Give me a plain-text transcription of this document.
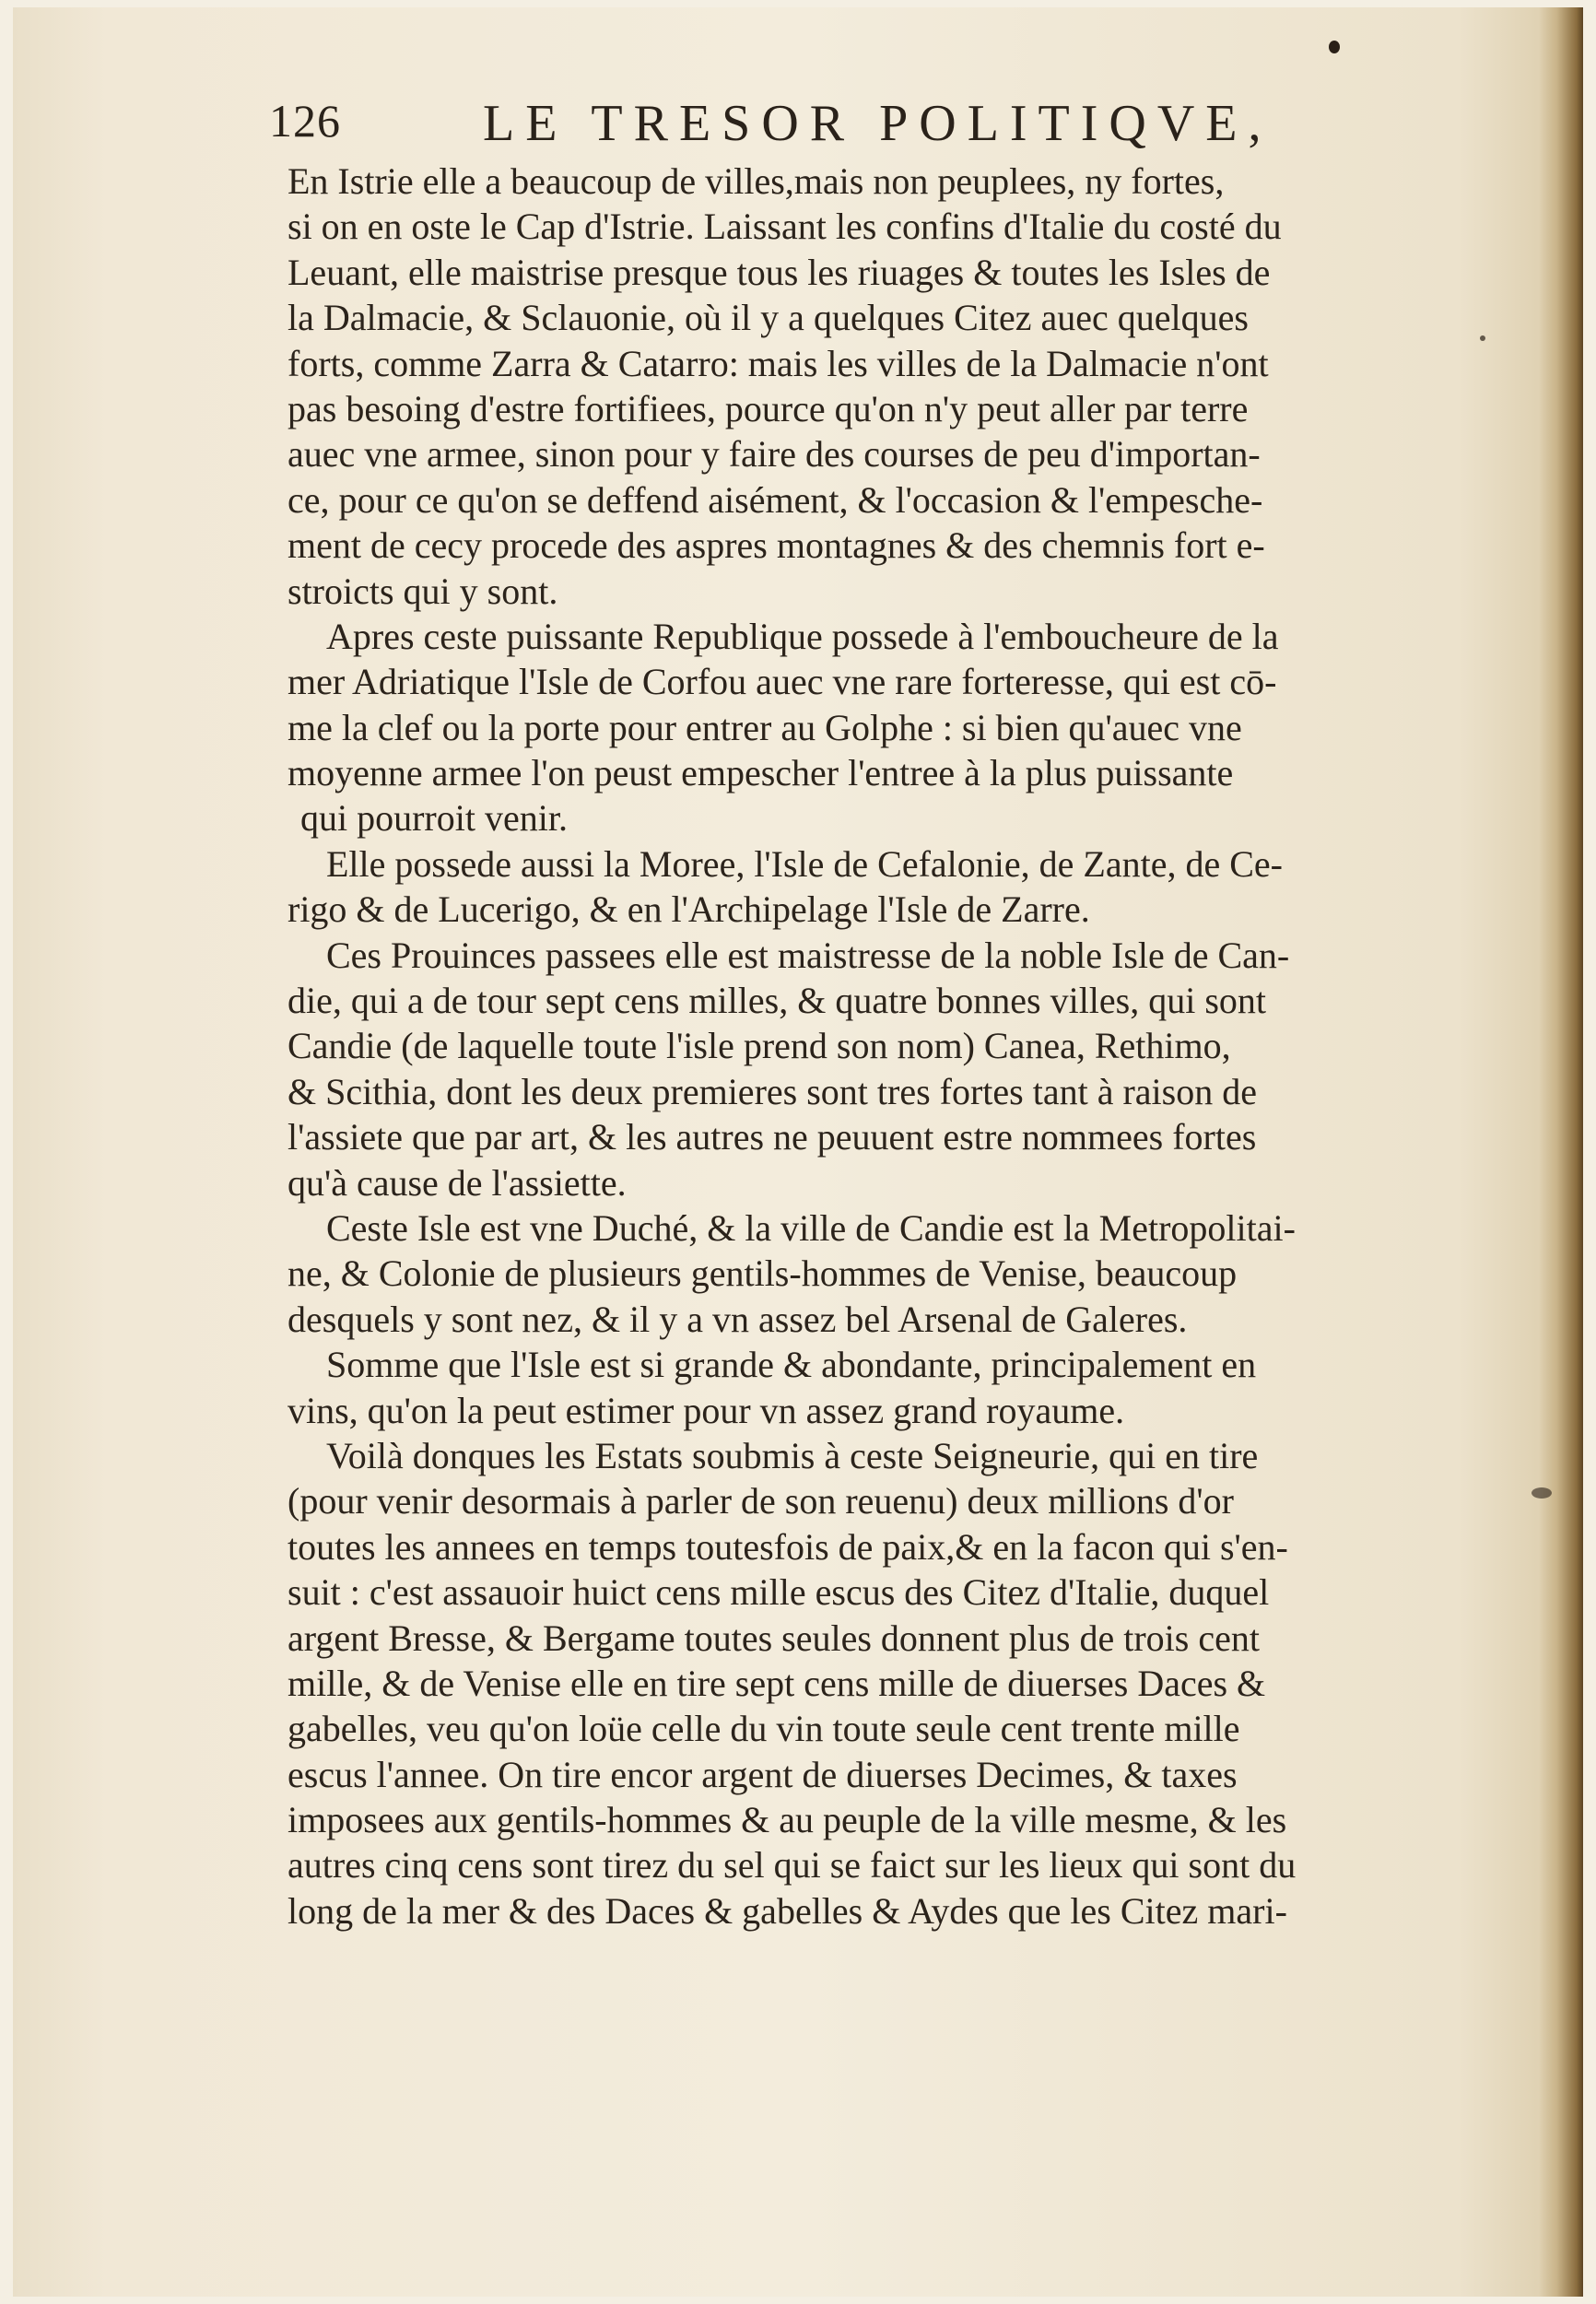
126	LE TRESOR POLITIQVE,
En Istrie elle a beaucoup de villes,mais non peuplees, ny fortes,
si on en oste le Cap d'Istrie. Laissant les confins d'Italie du costé du
Leuant, elle maistrise presque tous les riuages & toutes les Isles de
la Dalmacie, & Sclauonie, où il y a quelques Citez auec quelques
forts, comme Zarra & Catarro: mais les villes de la Dalmacie n'ont
pas besoing d'estre fortifiees, pource qu'on n'y peut aller par terre
auec vne armee, sinon pour y faire des courses de peu d'importan-
ce, pour ce qu'on se deffend aisément, & l'occasion & l'empesche-
ment de cecy procede des aspres montagnes & des chemnis fort e-
stroicts qui y sont.
Apres ceste puissante Republique possede à l'emboucheure de la
mer Adriatique l'Isle de Corfou auec vne rare forteresse, qui est cō-
me la clef ou la porte pour entrer au Golphe : si bien qu'auec vne
moyenne armee l'on peust empescher l'entree à la plus puissante
qui pourroit venir.
Elle possede aussi la Moree, l'Isle de Cefalonie, de Zante, de Ce-
rigo & de Lucerigo, & en l'Archipelage l'Isle de Zarre.
Ces Prouinces passees elle est maistresse de la noble Isle de Can-
die, qui a de tour sept cens milles, & quatre bonnes villes, qui sont
Candie (de laquelle toute l'isle prend son nom) Canea, Rethimo,
& Scithia, dont les deux premieres sont tres fortes tant à raison de
l'assiete que par art, & les autres ne peuuent estre nommees fortes
qu'à cause de l'assiette.
Ceste Isle est vne Duché, & la ville de Candie est la Metropolitai-
ne, & Colonie de plusieurs gentils-hommes de Venise, beaucoup
desquels y sont nez, & il y a vn assez bel Arsenal de Galeres.
Somme que l'Isle est si grande & abondante, principalement en
vins, qu'on la peut estimer pour vn assez grand royaume.
Voilà donques les Estats soubmis à ceste Seigneurie, qui en tire
(pour venir desormais à parler de son reuenu) deux millions d'or
toutes les annees en temps toutesfois de paix,& en la facon qui s'en-
suit : c'est assauoir huict cens mille escus des Citez d'Italie, duquel
argent Bresse, & Bergame toutes seules donnent plus de trois cent
mille, & de Venise elle en tire sept cens mille de diuerses Daces &
gabelles, veu qu'on loüe celle du vin toute seule cent trente mille
escus l'annee. On tire encor argent de diuerses Decimes, & taxes
imposees aux gentils-hommes & au peuple de la ville mesme, & les
autres cinq cens sont tirez du sel qui se faict sur les lieux qui sont du
long de la mer & des Daces & gabelles & Aydes que les Citez mari-
